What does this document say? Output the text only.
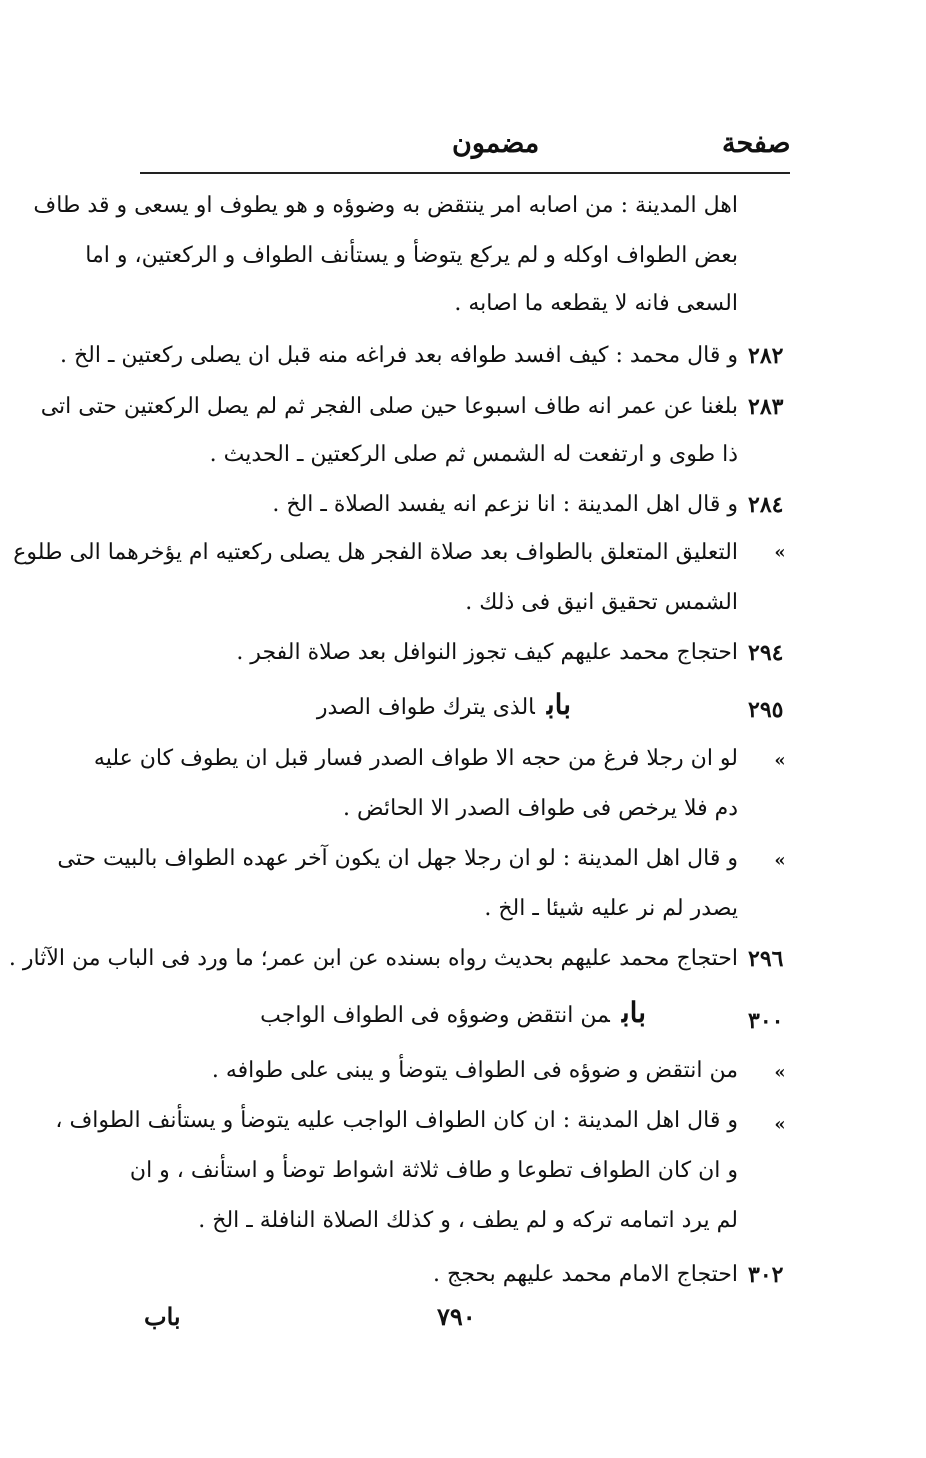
صفحة
مضمون
اهل المدينة : من اصابه امر ينتقض به وضوؤه و هو يطوف او يسعى و قد طاف
بعض الطواف اوكله و لم يركع يتوضأ و يستأنف الطواف و الركعتين، و اما
السعى فانه لا يقطعه ما اصابه .
٢٨٢
و قال محمد : كيف افسد طوافه بعد فراغه منه قبل ان يصلى ركعتين ـ الخ .
٢٨٣
بلغنا عن عمر انه طاف اسبوعا حين صلى الفجر ثم لم يصل الركعتين حتى اتى
ذا طوى و ارتفعت له الشمس ثم صلى الركعتين ـ الحديث .
٢٨٤
و قال اهل المدينة : انا نزعم انه يفسد الصلاة ـ الخ .
«
التعليق المتعلق بالطواف بعد صلاة الفجر هل يصلى ركعتيه ام يؤخرهما الى طلوع
الشمس تحقيق انيق فى ذلك .
٢٩٤
احتجاج محمد عليهم كيف تجوز النوافل بعد صلاة الفجر .
٢٩٥
بابالذى يترك طواف الصدر
«
لو ان رجلا فرغ من حجه الا طواف الصدر فسار قبل ان يطوف كان عليه
دم فلا يرخص فى طواف الصدر الا الحائض .
«
و قال اهل المدينة : لو ان رجلا جهل ان يكون آخر عهده الطواف بالبيت حتى
يصدر لم نر عليه شيئا ـ الخ .
٢٩٦
احتجاج محمد عليهم بحديث رواه بسنده عن ابن عمر؛ ما ورد فى الباب من الآثار .
٣٠٠
بابمن انتقض وضوؤه فى الطواف الواجب
«
من انتقض و ضوؤه فى الطواف يتوضأ و يبنى على طوافه .
«
و قال اهل المدينة : ان كان الطواف الواجب عليه يتوضأ و يستأنف الطواف ،
و ان كان الطواف تطوعا و طاف ثلاثة اشواط توضأ و استأنف ، و ان
لم يرد اتمامه تركه و لم يطف ، و كذلك الصلاة النافلة ـ الخ .
٣٠٢
احتجاج الامام محمد عليهم بحجج .
باب	٧٩٠
